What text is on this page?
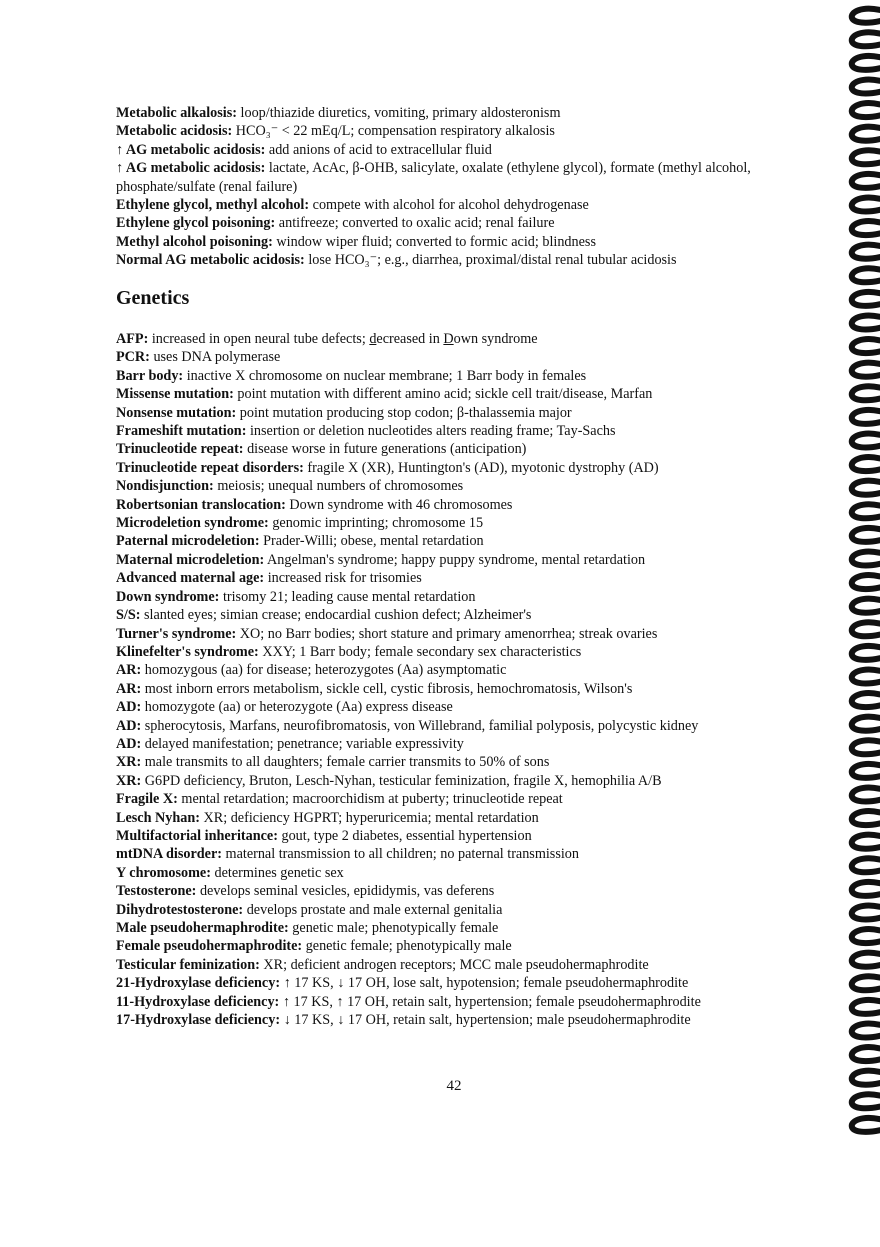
Metabolic alkalosis: loop/thiazide diuretics, vomiting, primary aldosteronism
Metabolic acidosis: HCO₃⁻ < 22 mEq/L; compensation respiratory alkalosis
↑ AG metabolic acidosis: add anions of acid to extracellular fluid
↑ AG metabolic acidosis: lactate, AcAc, β-OHB, salicylate, oxalate (ethylene glycol), formate (methyl alcohol, phosphate/sulfate (renal failure)
Ethylene glycol, methyl alcohol: compete with alcohol for alcohol dehydrogenase
Ethylene glycol poisoning: antifreeze; converted to oxalic acid; renal failure
Methyl alcohol poisoning: window wiper fluid; converted to formic acid; blindness
Normal AG metabolic acidosis: lose HCO₃⁻; e.g., diarrhea, proximal/distal renal tubular acidosis
Genetics
AFP: increased in open neural tube defects; decreased in Down syndrome
PCR: uses DNA polymerase
Barr body: inactive X chromosome on nuclear membrane; 1 Barr body in females
Missense mutation: point mutation with different amino acid; sickle cell trait/disease, Marfan
Nonsense mutation: point mutation producing stop codon; β-thalassemia major
Frameshift mutation: insertion or deletion nucleotides alters reading frame; Tay-Sachs
Trinucleotide repeat: disease worse in future generations (anticipation)
Trinucleotide repeat disorders: fragile X (XR), Huntington's (AD), myotonic dystrophy (AD)
Nondisjunction: meiosis; unequal numbers of chromosomes
Robertsonian translocation: Down syndrome with 46 chromosomes
Microdeletion syndrome: genomic imprinting; chromosome 15
Paternal microdeletion: Prader-Willi; obese, mental retardation
Maternal microdeletion: Angelman's syndrome; happy puppy syndrome, mental retardation
Advanced maternal age: increased risk for trisomies
Down syndrome: trisomy 21; leading cause mental retardation
S/S: slanted eyes; simian crease; endocardial cushion defect; Alzheimer's
Turner's syndrome: XO; no Barr bodies; short stature and primary amenorrhea; streak ovaries
Klinefelter's syndrome: XXY; 1 Barr body; female secondary sex characteristics
AR: homozygous (aa) for disease; heterozygotes (Aa) asymptomatic
AR: most inborn errors metabolism, sickle cell, cystic fibrosis, hemochromatosis, Wilson's
AD: homozygote (aa) or heterozygote (Aa) express disease
AD: spherocytosis, Marfans, neurofibromatosis, von Willebrand, familial polyposis, polycystic kidney
AD: delayed manifestation; penetrance; variable expressivity
XR: male transmits to all daughters; female carrier transmits to 50% of sons
XR: G6PD deficiency, Bruton, Lesch-Nyhan, testicular feminization, fragile X, hemophilia A/B
Fragile X: mental retardation; macroorchidism at puberty; trinucleotide repeat
Lesch Nyhan: XR; deficiency HGPRT; hyperuricemia; mental retardation
Multifactorial inheritance: gout, type 2 diabetes, essential hypertension
mtDNA disorder: maternal transmission to all children; no paternal transmission
Y chromosome: determines genetic sex
Testosterone: develops seminal vesicles, epididymis, vas deferens
Dihydrotestosterone: develops prostate and male external genitalia
Male pseudohermaphrodite: genetic male; phenotypically female
Female pseudohermaphrodite: genetic female; phenotypically male
Testicular feminization: XR; deficient androgen receptors; MCC male pseudohermaphrodite
21-Hydroxylase deficiency: ↑ 17 KS, ↓ 17 OH, lose salt, hypotension; female pseudohermaphrodite
11-Hydroxylase deficiency: ↑ 17 KS, ↑ 17 OH, retain salt, hypertension; female pseudohermaphrodite
17-Hydroxylase deficiency: ↓ 17 KS, ↓ 17 OH, retain salt, hypertension; male pseudohermaphrodite
42
